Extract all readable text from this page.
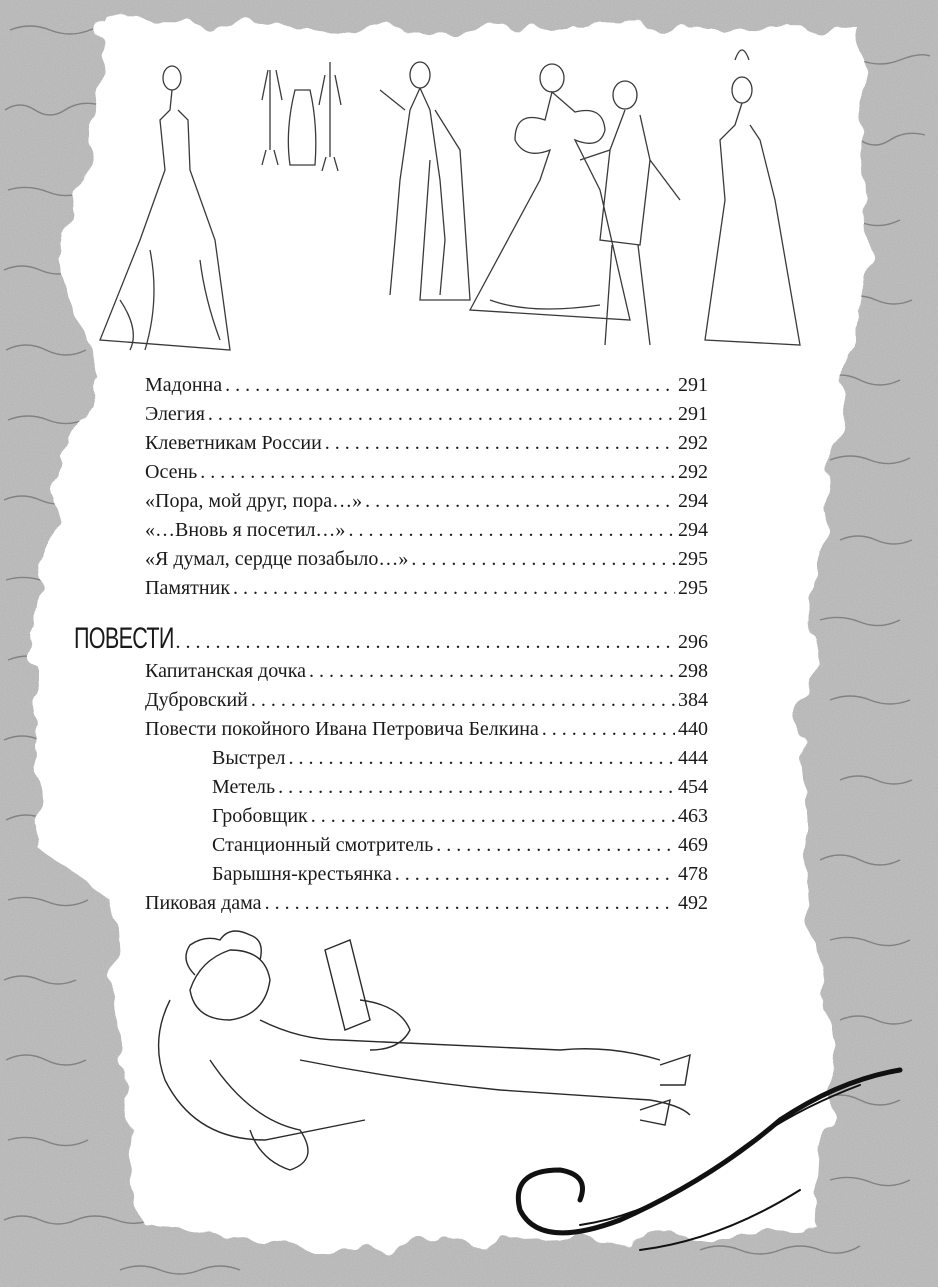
Мадонна . . .	291
Элегия . . .	291
Клеветникам России . . .	292
Осень . . .	292
«Пора, мой друг, пора…» . . .	294
«…Вновь я посетил…» . . .	294
«Я думал, сердце позабыло…» . . .	295
Памятник . . .	295
ПОВЕСТИ . . .	296
Капитанская дочка . . .	298
Дубровский . . .	384
Повести покойного Ивана Петровича Белкина . . .	440
Выстрел . . .	444
Метель . . .	454
Гробовщик . . .	463
Станционный смотритель . . .	469
Барышня-крестьянка . . .	478
Пиковая дама . . .	492
